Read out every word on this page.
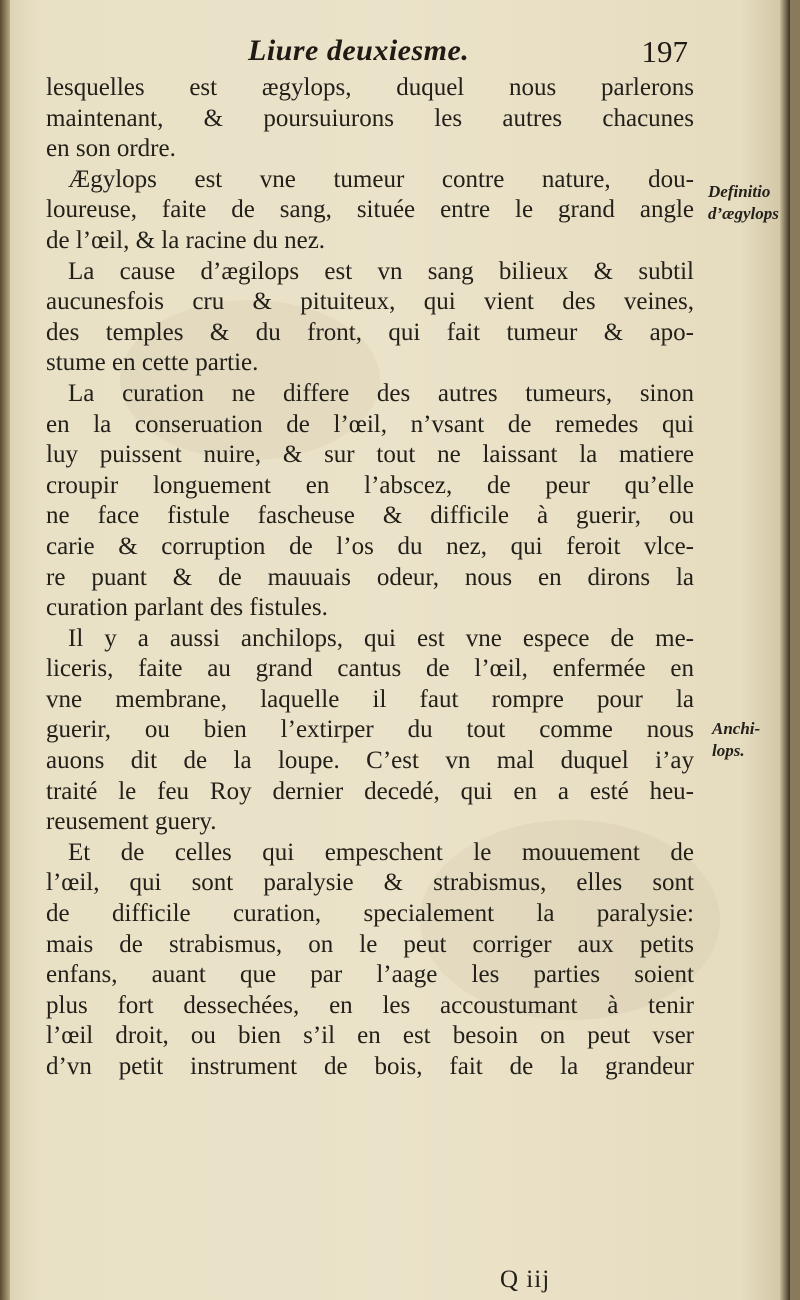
Liure deuxiesme.	197
lesquelles est ægylops, duquel nous parlerons
maintenant, & poursuiurons les autres chacunes
en son ordre.
Ægylops est vne tumeur contre nature, dou-
loureuse, faite de sang, située entre le grand angle
de l’œil, & la racine du nez.
La cause d’ægilops est vn sang bilieux & subtil
aucunesfois cru & pituiteux, qui vient des veines,
des temples & du front, qui fait tumeur & apo-
stume en cette partie.
La curation ne differe des autres tumeurs, sinon
en la conseruation de l’œil, n’vsant de remedes qui
luy puissent nuire, & sur tout ne laissant la matiere
croupir longuement en l’abscez, de peur qu’elle
ne face fistule fascheuse & difficile à guerir, ou
carie & corruption de l’os du nez, qui feroit vlce-
re puant & de mauuais odeur, nous en dirons la
curation parlant des fistules.
Il y a aussi anchilops, qui est vne espece de me-
liceris, faite au grand cantus de l’œil, enfermée en
vne membrane, laquelle il faut rompre pour la
guerir, ou bien l’extirper du tout comme nous
auons dit de la loupe. C’est vn mal duquel i’ay
traité le feu Roy dernier decedé, qui en a esté heu-
reusement guery.
Et de celles qui empeschent le mouuement de
l’œil, qui sont paralysie & strabismus, elles sont
de difficile curation, specialement la paralysie:
mais de strabismus, on le peut corriger aux petits
enfans, auant que par l’aage les parties soient
plus fort dessechées, en les accoustumant à tenir
l’œil droit, ou bien s’il en est besoin on peut vser
d’vn petit instrument de bois, fait de la grandeur
Definitio
d’ægylops
Anchi-
lops.
Q iij
